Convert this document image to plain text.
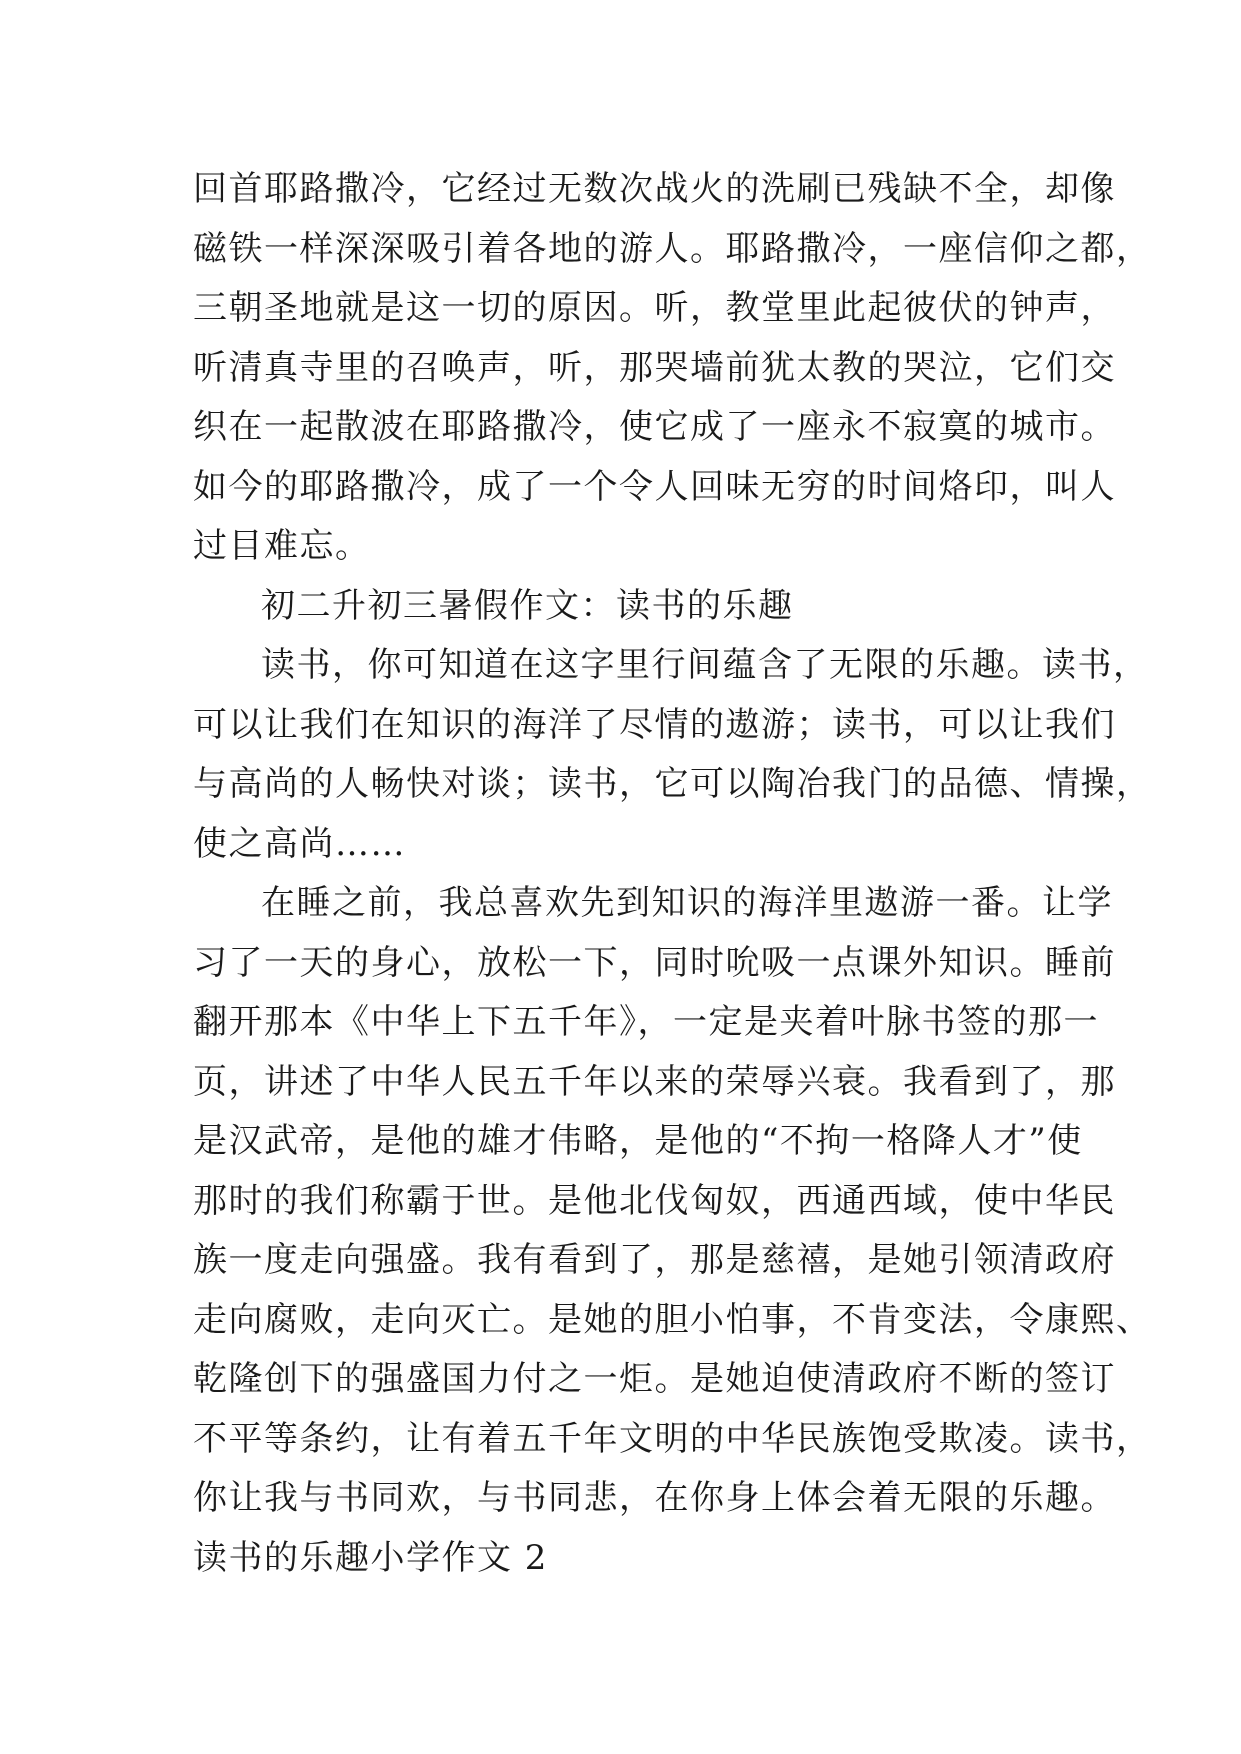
回首耶路撒冷，它经过无数次战火的洗刷已残缺不全，却像
磁铁一样深深吸引着各地的游人。耶路撒冷，一座信仰之都，
三朝圣地就是这一切的原因。听，教堂里此起彼伏的钟声，
听清真寺里的召唤声，听，那哭墙前犹太教的哭泣，它们交
织在一起散波在耶路撒冷，使它成了一座永不寂寞的城市。
如今的耶路撒冷，成了一个令人回味无穷的时间烙印，叫人
过目难忘。
初二升初三暑假作文：读书的乐趣
读书，你可知道在这字里行间蕴含了无限的乐趣。读书，
可以让我们在知识的海洋了尽情的遨游；读书，可以让我们
与高尚的人畅快对谈；读书，它可以陶冶我门的品德、情操，
使之高尚……
在睡之前，我总喜欢先到知识的海洋里遨游一番。让学
习了一天的身心，放松一下，同时吮吸一点课外知识。睡前
翻开那本《中华上下五千年》，一定是夹着叶脉书签的那一
页，讲述了中华人民五千年以来的荣辱兴衰。我看到了，那
是汉武帝，是他的雄才伟略，是他的“不拘一格降人才”使
那时的我们称霸于世。是他北伐匈奴，西通西域，使中华民
族一度走向强盛。我有看到了，那是慈禧，是她引领清政府
走向腐败，走向灭亡。是她的胆小怕事，不肯变法，令康熙、
乾隆创下的强盛国力付之一炬。是她迫使清政府不断的签订
不平等条约，让有着五千年文明的中华民族饱受欺凌。读书，
你让我与书同欢，与书同悲，在你身上体会着无限的乐趣。
读书的乐趣小学作文 2
